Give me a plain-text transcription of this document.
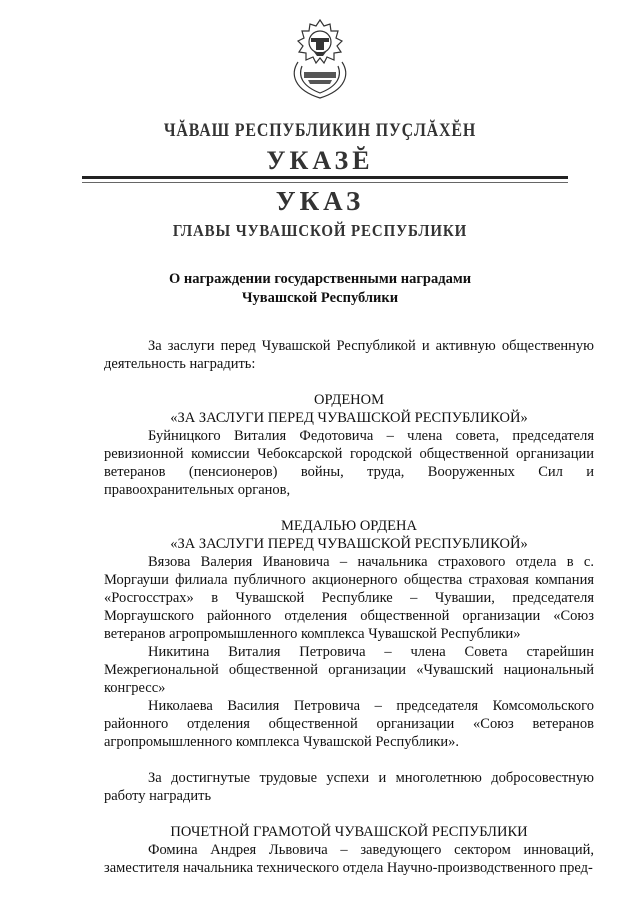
ЧĂВАШ РЕСПУБЛИКИН ПУҪЛĂХĔН
УКАЗĔ
УКАЗ
ГЛАВЫ ЧУВАШСКОЙ РЕСПУБЛИКИ
О награждении государственными наградами
Чувашской Республики

За заслуги перед Чувашской Республикой и активную общественную деятельность наградить:

ОРДЕНОМ

«ЗА ЗАСЛУГИ ПЕРЕД ЧУВАШСКОЙ РЕСПУБЛИКОЙ»

Буйницкого Виталия Федотовича – члена совета, председателя ревизионной комиссии Чебоксарской городской общественной организации ветеранов (пенсионеров) войны, труда, Вооруженных Сил и правоохранительных органов,

МЕДАЛЬЮ ОРДЕНА

«ЗА ЗАСЛУГИ ПЕРЕД ЧУВАШСКОЙ РЕСПУБЛИКОЙ»

Вязова Валерия Ивановича – начальника страхового отдела в с. Моргауши филиала публичного акционерного общества страховая компания «Росгосстрах» в Чувашской Республике – Чувашии, председателя Моргаушского районного отделения общественной организации «Союз ветеранов агропромышленного комплекса Чувашской Республики»

Никитина Виталия Петровича – члена Совета старейшин Межрегиональной общественной организации «Чувашский национальный конгресс»

Николаева Василия Петровича – председателя Комсомольского районного отделения общественной организации «Союз ветеранов агропромышленного комплекса Чувашской Республики».

За достигнутые трудовые успехи и многолетнюю добросовестную работу наградить

ПОЧЕТНОЙ ГРАМОТОЙ ЧУВАШСКОЙ РЕСПУБЛИКИ

Фомина Андрея Львовича – заведующего сектором инноваций, заместителя начальника технического отдела Научно-производственного пред-
